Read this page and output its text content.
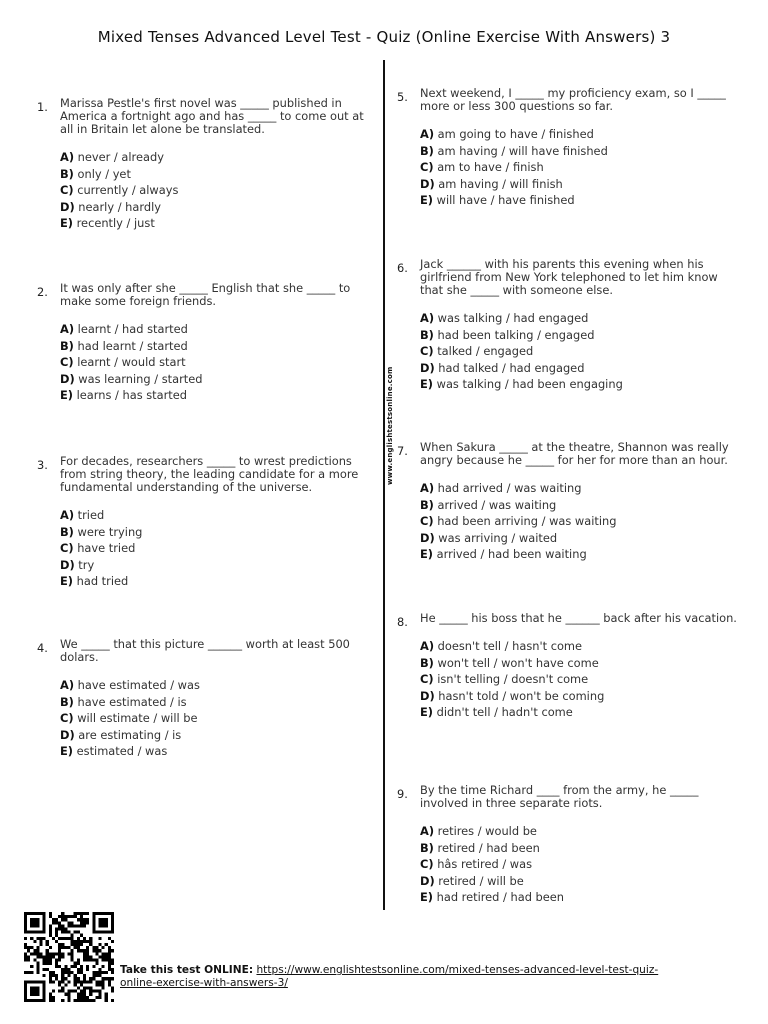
Mixed Tenses Advanced Level Test - Quiz (Online Exercise With Answers) 3
www.englishtestsonline.com
1. Marissa Pestle's first novel was _____ published in America a fortnight ago and has _____ to come out at all in Britain let alone be translated.
A) never / already
B) only / yet
C) currently / always
D) nearly / hardly
E) recently / just
2. It was only after she _____ English that she _____ to make some foreign friends.
A) learnt / had started
B) had learnt / started
C) learnt / would start
D) was learning / started
E) learns / has started
3. For decades, researchers _____ to wrest predictions from string theory, the leading candidate for a more fundamental understanding of the universe.
A) tried
B) were trying
C) have tried
D) try
E) had tried
4. We _____ that this picture ______ worth at least 500 dolars.
A) have estimated / was
B) have estimated / is
C) will estimate / will be
D) are estimating / is
E) estimated / was
5. Next weekend, I _____ my proficiency exam, so I _____ more or less 300 questions so far.
A) am going to have / finished
B) am having / will have finished
C) am to have / finish
D) am having / will finish
E) will have / have finished
6. Jack ______ with his parents this evening when his girlfriend from New York telephoned to let him know that she _____ with someone else.
A) was talking / had engaged
B) had been talking / engaged
C) talked / engaged
D) had talked / had engaged
E) was talking / had been engaging
7. When Sakura _____ at the theatre, Shannon was really angry because he _____ for her for more than an hour.
A) had arrived / was waiting
B) arrived / was waiting
C) had been arriving / was waiting
D) was arriving / waited
E) arrived / had been waiting
8. He _____ his boss that he ______ back after his vacation.
A) doesn't tell / hasn't come
B) won't tell / won't have come
C) isn't telling / doesn't come
D) hasn't told / won't be coming
E) didn't tell / hadn't come
9. By the time Richard ____ from the army, he _____ involved in three separate riots.
A) retires / would be
B) retired / had been
C) hâs retired / was
D) retired / will be
E) had retired / had been
Take this test ONLINE: https://www.englishtestsonline.com/mixed-tenses-advanced-level-test-quiz-online-exercise-with-answers-3/
